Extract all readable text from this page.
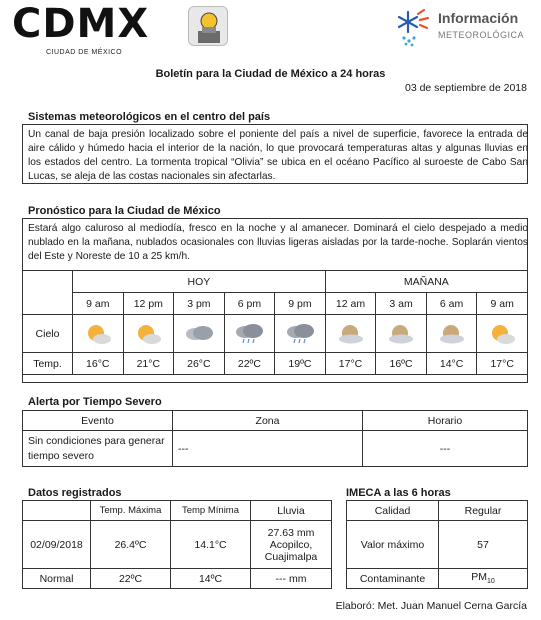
CDMX
CIUDAD DE MÉXICO
Información
METEOROLÓGICA
Boletín para la Ciudad de México a 24 horas
03 de septiembre de 2018
Sistemas meteorológicos en el centro del país
Un canal de baja presión localizado sobre el poniente del país a nivel de superficie, favorece la entrada de aire cálido y húmedo hacia el interior de la nación, lo que provocará temperaturas altas y algunas lluvias en los estados del centro. La tormenta tropical “Olivia” se ubica en el océano Pacífico al suroeste de Cabo San Lucas, se aleja de las costas nacionales sin afectarlas.
Pronóstico para la Ciudad de México
Estará algo caluroso al mediodía, fresco en la noche y al amanecer. Dominará el cielo despejado a medio nublado en la mañana, nublados ocasionales con lluvias ligeras aisladas por la tarde-noche. Soplarán vientos del Este y Noreste de 10 a 25 km/h.
	HOY					MAÑANA			
	9 am	12 pm	3 pm	6 pm	9 pm	12 am	3 am	6 am	9 am
Cielo									
Temp.	16°C	21°C	26°C	22ºC	19ºC	17°C	16ºC	14°C	17°C
Alerta por Tiempo Severo
Evento	Zona	Horario
Sin condiciones para generar tiempo severo	---	---
Datos registrados
	Temp. Máxima	Temp Mínima	Lluvia
02/09/2018	26.4ºC	14.1°C	27.63 mm
Acopilco,
Cuajimalpa

Normal	22ºC	14ºC	--- mm
IMECA a las 6 horas
Calidad	Regular
Valor máximo	57
Contaminante	$PM_{10}$
Elaboró: Met. Juan Manuel Cerna García
